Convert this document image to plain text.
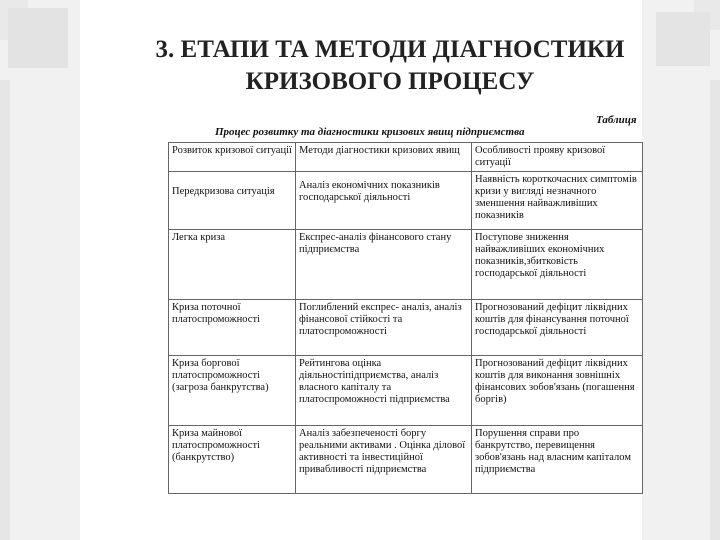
3. ЕТАПИ ТА МЕТОДИ ДІАГНОСТИКИ
КРИЗОВОГО ПРОЦЕСУ
Таблиця
Процес розвитку та діагностики кризових явищ підприємства
Розвиток кризової ситуації	Методи діагностики кризових явищ	Особливості прояву кризової ситуації
Передкризова ситуація	Аналіз економічних показників господарської діяльності	Наявність короткочасних симптомів кризи у вигляді незначного зменшення найважливіших показників
Легка криза	Експрес-аналіз фінансового стану підприємства	Поступове зниження найважливіших економічних показників,збитковість господарської діяльності
Криза поточної платоспроможності	Поглиблений експрес- аналіз, аналіз фінансової стійкості та платоспроможності	Прогнозований дефіцит ліквідних коштів для фінансування поточної господарської діяльності
Криза боргової платоспроможності (загроза банкрутства)	Рейтингова оцінка діяльностіпідприємства, аналіз власного капіталу та платоспроможності підприємства	Прогнозований дефіцит ліквідних коштів для виконання зовнішніх фінансових зобов'язань (погашення боргів)
Криза майнової платоспроможності (банкрутство)	Аналіз забезпеченості боргу реальними активами . Оцінка ділової активності та інвестиційної привабливості підприємства	Порушення справи про банкрутство, перевищення зобов'язань над власним капіталом підприємства
